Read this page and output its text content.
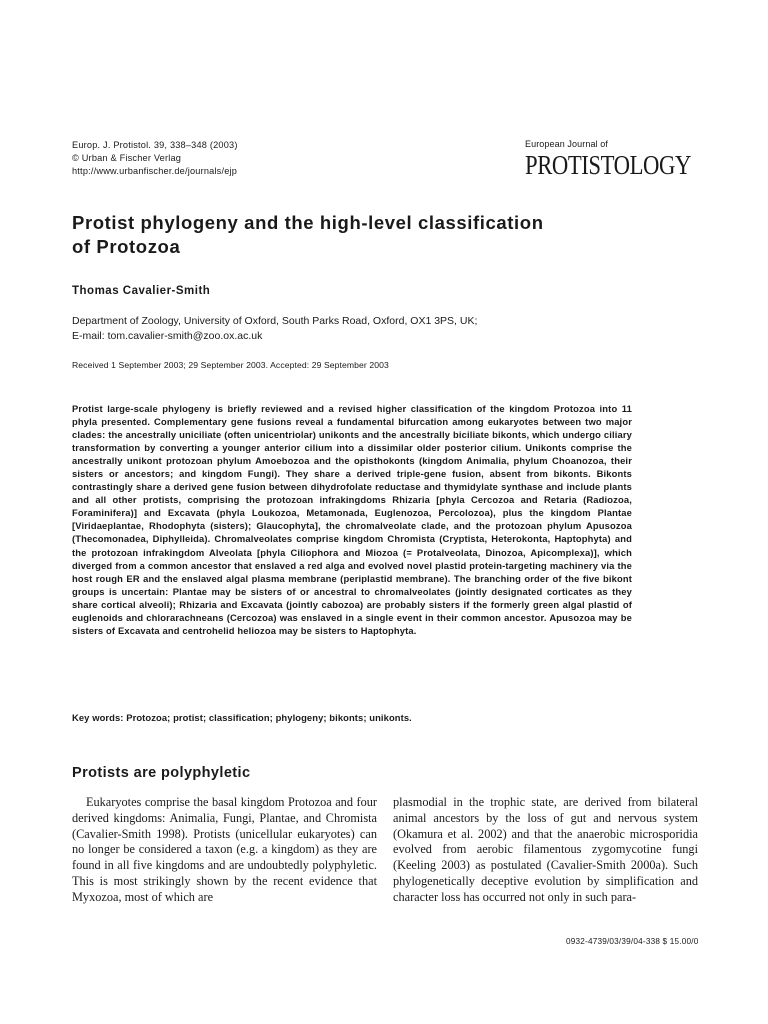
Europ. J. Protistol. 39, 338–348 (2003)
© Urban & Fischer Verlag
http://www.urbanfischer.de/journals/ejp
European Journal of
PROTISTOLOGY
Protist phylogeny and the high-level classification
of Protozoa
Thomas Cavalier-Smith
Department of Zoology, University of Oxford, South Parks Road, Oxford, OX1 3PS, UK;
E-mail: tom.cavalier-smith@zoo.ox.ac.uk
Received 1 September 2003; 29 September 2003. Accepted: 29 September 2003
Protist large-scale phylogeny is briefly reviewed and a revised higher classification of the kingdom Protozoa into 11 phyla presented. Complementary gene fusions reveal a fundamental bifurcation among eukaryotes between two major clades: the ancestrally uniciliate (often unicentriolar) unikonts and the ancestrally biciliate bikonts, which undergo ciliary transformation by converting a younger anterior cilium into a dissimilar older posterior cilium. Unikonts comprise the ancestrally unikont protozoan phylum Amoebozoa and the opisthokonts (kingdom Animalia, phylum Choanozoa, their sisters or ancestors; and kingdom Fungi). They share a derived triple-gene fusion, absent from bikonts. Bikonts contrastingly share a derived gene fusion between dihydrofolate reductase and thymidylate synthase and include plants and all other protists, comprising the protozoan infrakingdoms Rhizaria [phyla Cercozoa and Retaria (Radiozoa, Foraminifera)] and Excavata (phyla Loukozoa, Metamonada, Euglenozoa, Percolozoa), plus the kingdom Plantae [Viridaeplantae, Rhodophyta (sisters); Glaucophyta], the chromalveolate clade, and the protozoan phylum Apusozoa (Thecomonadea, Diphylleida). Chromalveolates comprise kingdom Chromista (Cryptista, Heterokonta, Haptophyta) and the protozoan infrakingdom Alveolata [phyla Ciliophora and Miozoa (= Protalveolata, Dinozoa, Apicomplexa)], which diverged from a common ancestor that enslaved a red alga and evolved novel plastid protein-targeting machinery via the host rough ER and the enslaved algal plasma membrane (periplastid membrane). The branching order of the five bikont groups is uncertain: Plantae may be sisters of or ancestral to chromalveolates (jointly designated corticates as they share cortical alveoli); Rhizaria and Excavata (jointly cabozoa) are probably sisters if the formerly green algal plastid of euglenoids and chlorarachneans (Cercozoa) was enslaved in a single event in their common ancestor. Apusozoa may be sisters of Excavata and centrohelid heliozoa may be sisters to Haptophyta.
Key words: Protozoa; protist; classification; phylogeny; bikonts; unikonts.
Protists are polyphyletic
Eukaryotes comprise the basal kingdom Protozoa and four derived kingdoms: Animalia, Fungi, Plantae, and Chromista (Cavalier-Smith 1998). Protists (unicellular eukaryotes) can no longer be considered a taxon (e.g. a kingdom) as they are found in all five kingdoms and are undoubtedly polyphyletic. This is most strikingly shown by the recent evidence that Myxozoa, most of which are
plasmodial in the trophic state, are derived from bilateral animal ancestors by the loss of gut and nervous system (Okamura et al. 2002) and that the anaerobic microsporidia evolved from aerobic filamentous zygomycotine fungi (Keeling 2003) as postulated (Cavalier-Smith 2000a). Such phylogenetically deceptive evolution by simplification and character loss has occurred not only in such para-
0932-4739/03/39/04-338 $ 15.00/0
